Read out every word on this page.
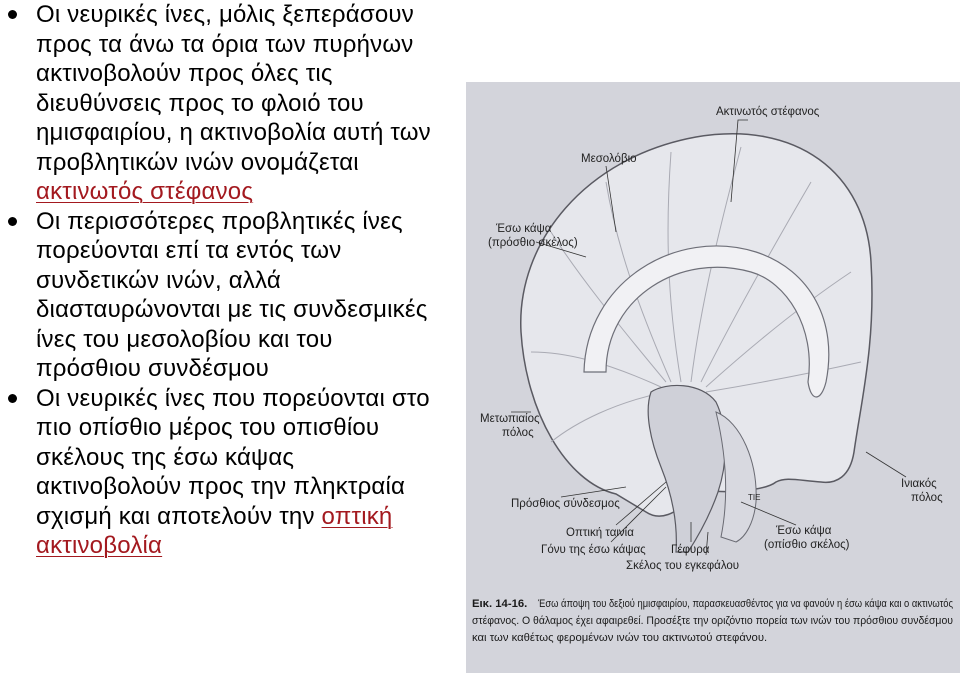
Οι νευρικές ίνες, μόλις ξεπεράσουν προς τα άνω τα όρια των πυρήνων ακτινοβολούν προς όλες τις διευθύνσεις προς το φλοιό του ημισφαιρίου, η ακτινοβολία αυτή των προβλητικών ινών ονομάζεται ακτινωτός στέφανος
Οι περισσότερες προβλητικές ίνες πορεύονται επί τα εντός των συνδετικών ινών, αλλά διασταυρώνονται με τις συνδεσμικές ίνες του μεσολοβίου και του πρόσθιου συνδέσμου
Οι νευρικές ίνες που πορεύονται στο πιο οπίσθιο μέρος του οπισθίου σκέλους της έσω κάψας ακτινοβολούν προς την πληκτραία σχισμή και αποτελούν την οπτική ακτινοβολία
Ακτινωτός στέφανος
Μεσολόβιο
Έσω κάψα
(πρόσθιο σκέλος)
Μετωπιαίος
πόλος
Πρόσθιος σύνδεσμος
Οπτική ταινία
Γόνυ της έσω κάψας Γέφυρα
Σκέλος του εγκεφάλου
Έσω κάψα
(οπίσθιο σκέλος)
Ινιακός
πόλος
ΤΙΕ
Εικ. 14-16. Έσω άποψη του δεξιού ημισφαιρίου, παρασκευασθέντος για να φανούν η έσω κάψα και ο ακτινωτός
στέφανος. Ο θάλαμος έχει αφαιρεθεί. Προσέξτε την οριζόντιο πορεία των ινών του πρόσθιου συνδέσμου
και των καθέτως φερομένων ινών του ακτινωτού στεφάνου.
